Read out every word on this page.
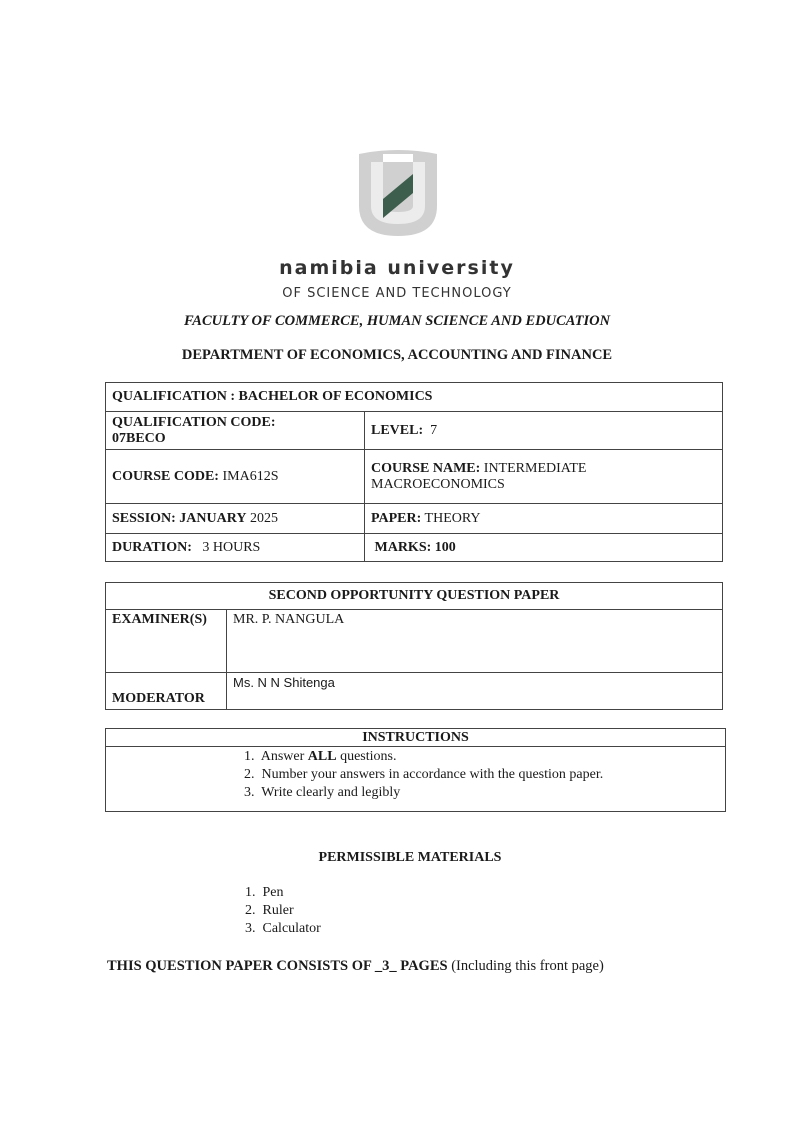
namibia university
OF SCIENCE AND TECHNOLOGY
FACULTY OF COMMERCE, HUMAN SCIENCE AND EDUCATION
DEPARTMENT OF ECONOMICS, ACCOUNTING AND FINANCE
QUALIFICATION : BACHELOR OF ECONOMICS	
QUALIFICATION CODE:
07BECO	LEVEL: 7
COURSE CODE: IMA612S	COURSE NAME: INTERMEDIATE
MACROECONOMICS
SESSION: JANUARY 2025	PAPER: THEORY
DURATION: 3 HOURS	MARKS: 100
SECOND OPPORTUNITY QUESTION PAPER	
EXAMINER(S)	MR. P. NANGULA
MODERATOR	Ms. N N Shitenga
INSTRUCTIONS
1. Answer ALL questions.
2. Number your answers in accordance with the question paper.
3. Write clearly and legibly
PERMISSIBLE MATERIALS
1. Pen
2. Ruler
3. Calculator
THIS QUESTION PAPER CONSISTS OF _3_ PAGES (Including this front page)
